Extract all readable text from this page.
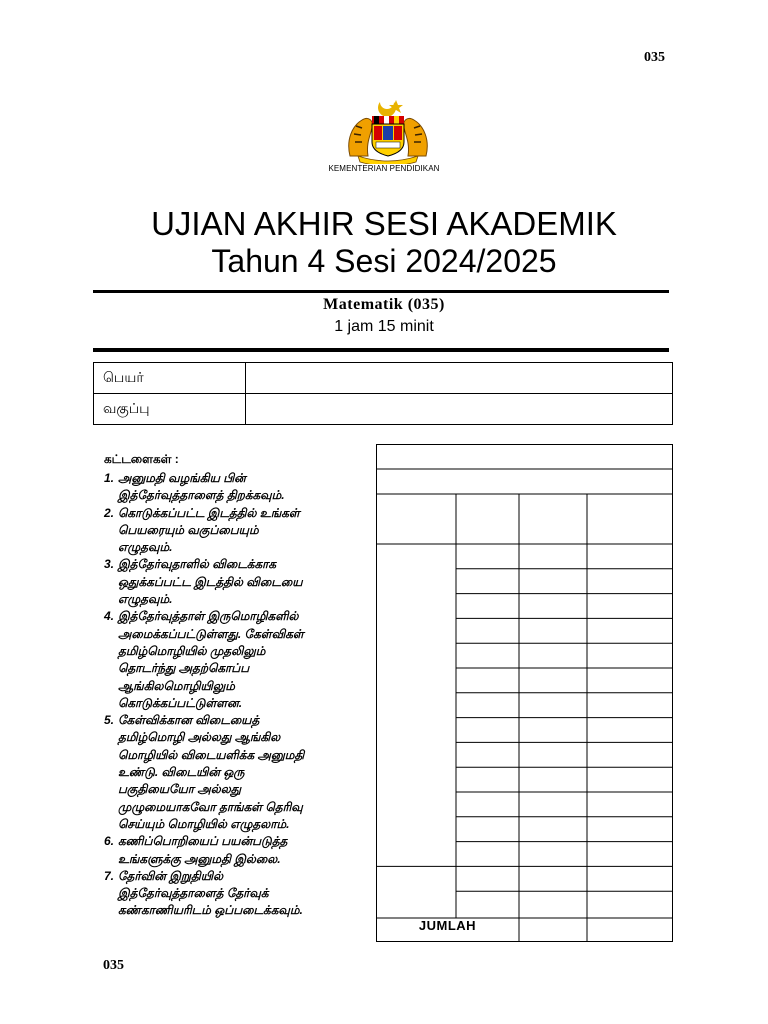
035
KEMENTERIAN PENDIDIKAN
UJIAN AKHIR SESI AKADEMIK
Tahun 4 Sesi 2024/2025
Matematik (035)
1 jam 15 minit
பெயர்	
வகுப்பு	
கட்டளைகள் :
1. அனுமதி வழங்கிய பின்
இத்தேர்வுத்தாளைத் திறக்கவும்.
2. கொடுக்கப்பட்ட இடத்தில் உங்கள்
பெயரையும் வகுப்பையும்
எழுதவும்.
3. இத்தேர்வுதாளில் விடைக்காக
ஒதுக்கப்பட்ட இடத்தில் விடையை
எழுதவும்.
4. இத்தேர்வுத்தாள் இருமொழிகளில்
அமைக்கப்பட்டுள்ளது. கேள்விகள்
தமிழ்மொழியில் முதலிலும்
தொடர்ந்து அதற்கொப்ப
ஆங்கிலமொழியிலும்
கொடுக்கப்பட்டுள்ளன.
5. கேள்விக்கான விடையைத்
தமிழ்மொழி அல்லது ஆங்கில
மொழியில் விடையளிக்க அனுமதி
உண்டு. விடையின் ஒரு
பகுதியையோ அல்லது
முழுமையாகவோ தாங்கள் தெரிவு
செய்யும் மொழியில் எழுதலாம்.
6. கணிப்பொறியைப் பயன்படுத்த
உங்களுக்கு அனுமதி இல்லை.
7. தேர்வின் இறுதியில்
இத்தேர்வுத்தாளைத் தேர்வுக்
கண்காணியரிடம் ஒப்படைக்கவும்.
JUMLAH
035
